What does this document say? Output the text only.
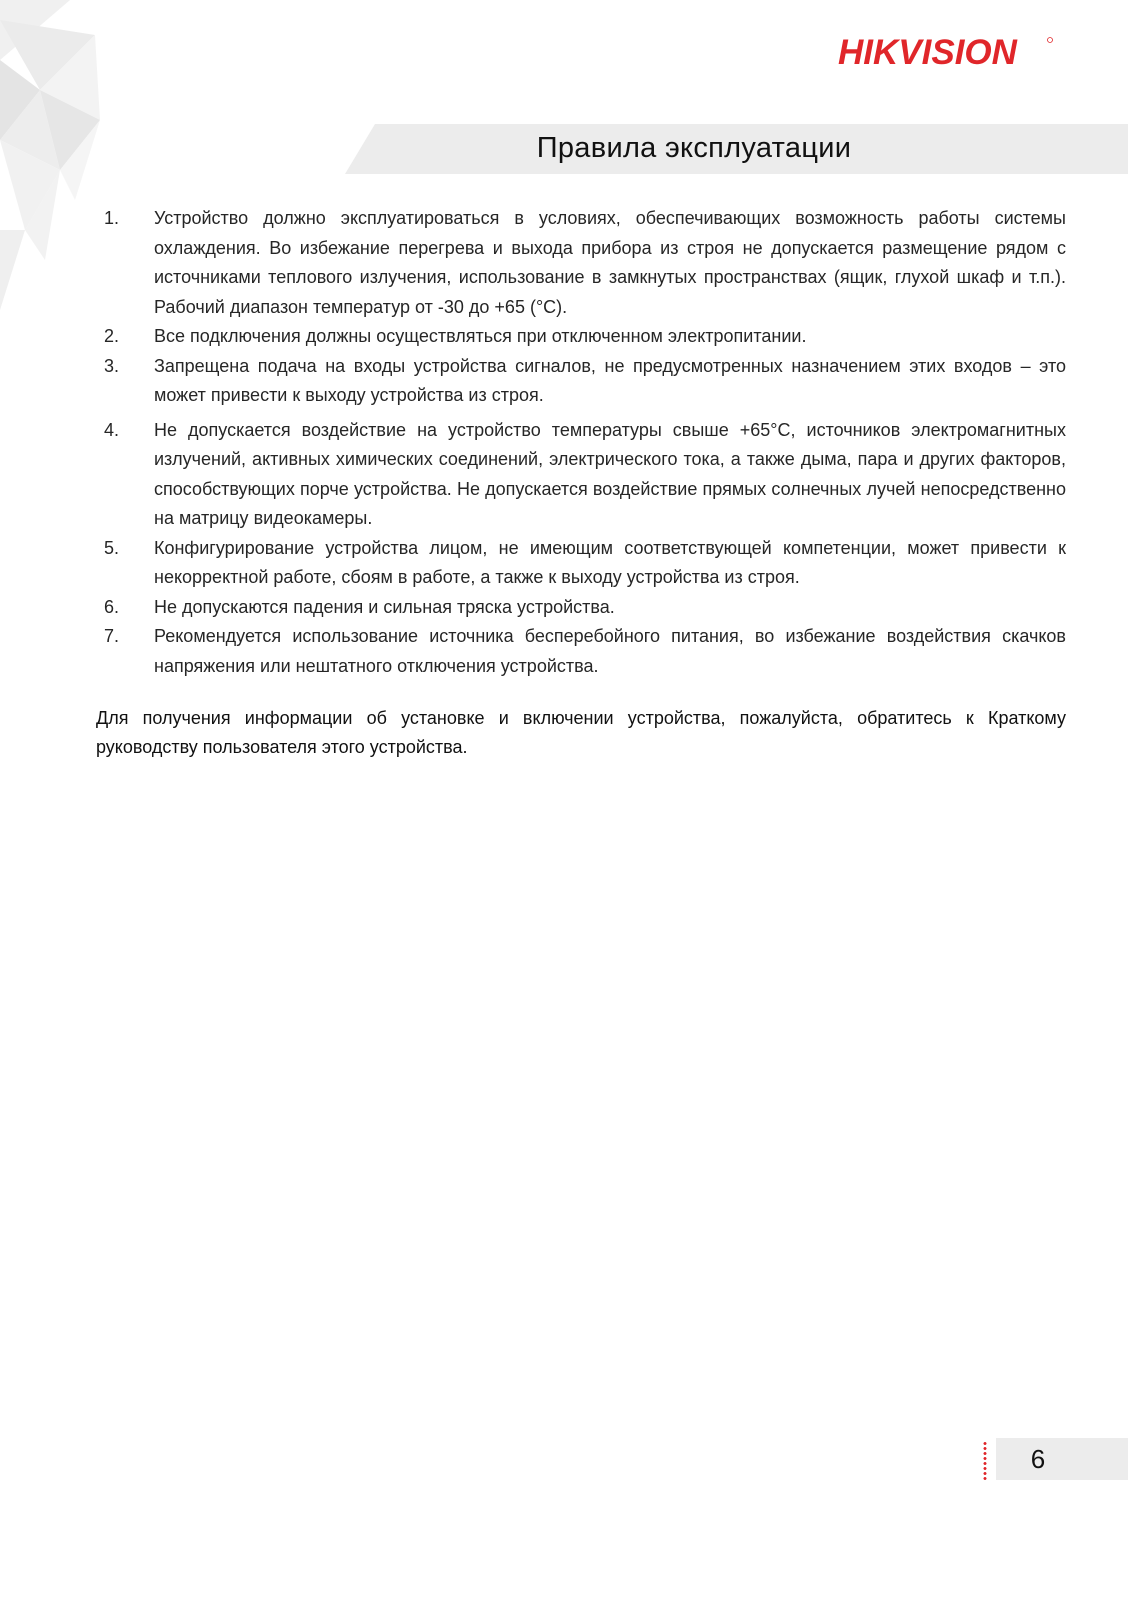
HIKVISION
Правила эксплуатации
1. Устройство должно эксплуатироваться в условиях, обеспечивающих возможность работы системы охлаждения. Во избежание перегрева и выхода прибора из строя не допускается размещение рядом с источниками теплового излучения, использование в замкнутых пространствах (ящик, глухой шкаф и т.п.). Рабочий диапазон температур от -30 до +65 (°С).
2. Все подключения должны осуществляться при отключенном электропитании.
3. Запрещена подача на входы устройства сигналов, не предусмотренных назначением этих входов – это может привести к выходу устройства из строя.
4. Не допускается воздействие на устройство температуры свыше +65°С, источников электромагнитных излучений, активных химических соединений, электрического тока, а также дыма, пара и других факторов, способствующих порче устройства. Не допускается воздействие прямых солнечных лучей непосредственно на матрицу видеокамеры.
5. Конфигурирование устройства лицом, не имеющим соответствующей компетенции, может привести к некорректной работе, сбоям в работе, а также к выходу устройства из строя.
6. Не допускаются падения и сильная тряска устройства.
7. Рекомендуется использование источника бесперебойного питания, во избежание воздействия скачков напряжения или нештатного отключения устройства.

Для получения информации об установке и включении устройства, пожалуйста, обратитесь к Краткому руководству пользователя этого устройства.

6
